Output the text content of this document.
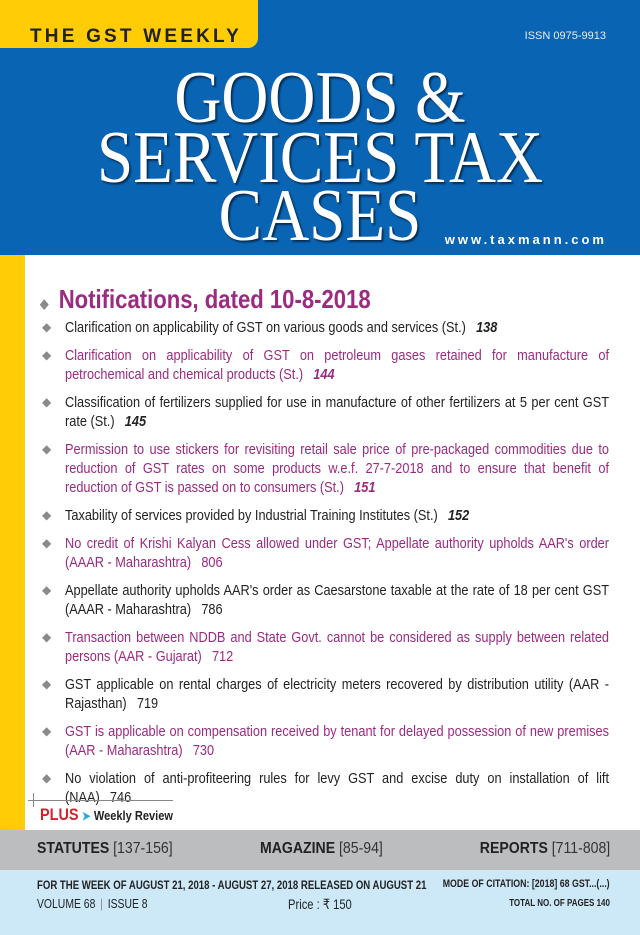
THE GST WEEKLY	ISSN 0975-9913
GOODS &
SERVICES TAX
CASES	www.taxmann.com
◆ Notifications, dated 10-8-2018
◆ Clarification on applicability of GST on various goods and services (St.) 138
◆ Clarification on applicability of GST on petroleum gases retained for manufacture of petrochemical and chemical products (St.) 144
◆ Classification of fertilizers supplied for use in manufacture of other fertilizers at 5 per cent GST rate (St.) 145
◆ Permission to use stickers for revisiting retail sale price of pre-packaged commodities due to reduction of GST rates on some products w.e.f. 27-7-2018 and to ensure that benefit of reduction of GST is passed on to consumers (St.) 151
◆ Taxability of services provided by Industrial Training Institutes (St.) 152
◆ No credit of Krishi Kalyan Cess allowed under GST; Appellate authority upholds AAR's order (AAAR - Maharashtra) 806
◆ Appellate authority upholds AAR's order as Caesarstone taxable at the rate of 18 per cent GST (AAAR - Maharashtra) 786
◆ Transaction between NDDB and State Govt. cannot be considered as supply between related persons (AAR - Gujarat) 712
◆ GST applicable on rental charges of electricity meters recovered by distribution utility (AAR - Rajasthan) 719
◆ GST is applicable on compensation received by tenant for delayed possession of new premises (AAR - Maharashtra) 730
◆ No violation of anti-profiteering rules for levy GST and excise duty on installation of lift (NAA) 746
PLUS ➤ Weekly Review
STATUTES [137-156]	MAGAZINE [85-94]	REPORTS [711-808]
FOR THE WEEK OF AUGUST 21, 2018 - AUGUST 27, 2018 RELEASED ON AUGUST 21
VOLUME 68 | ISSUE 8	Price : ₹ 150
MODE OF CITATION: [2018] 68 GST...(...)
TOTAL NO. OF PAGES 140
